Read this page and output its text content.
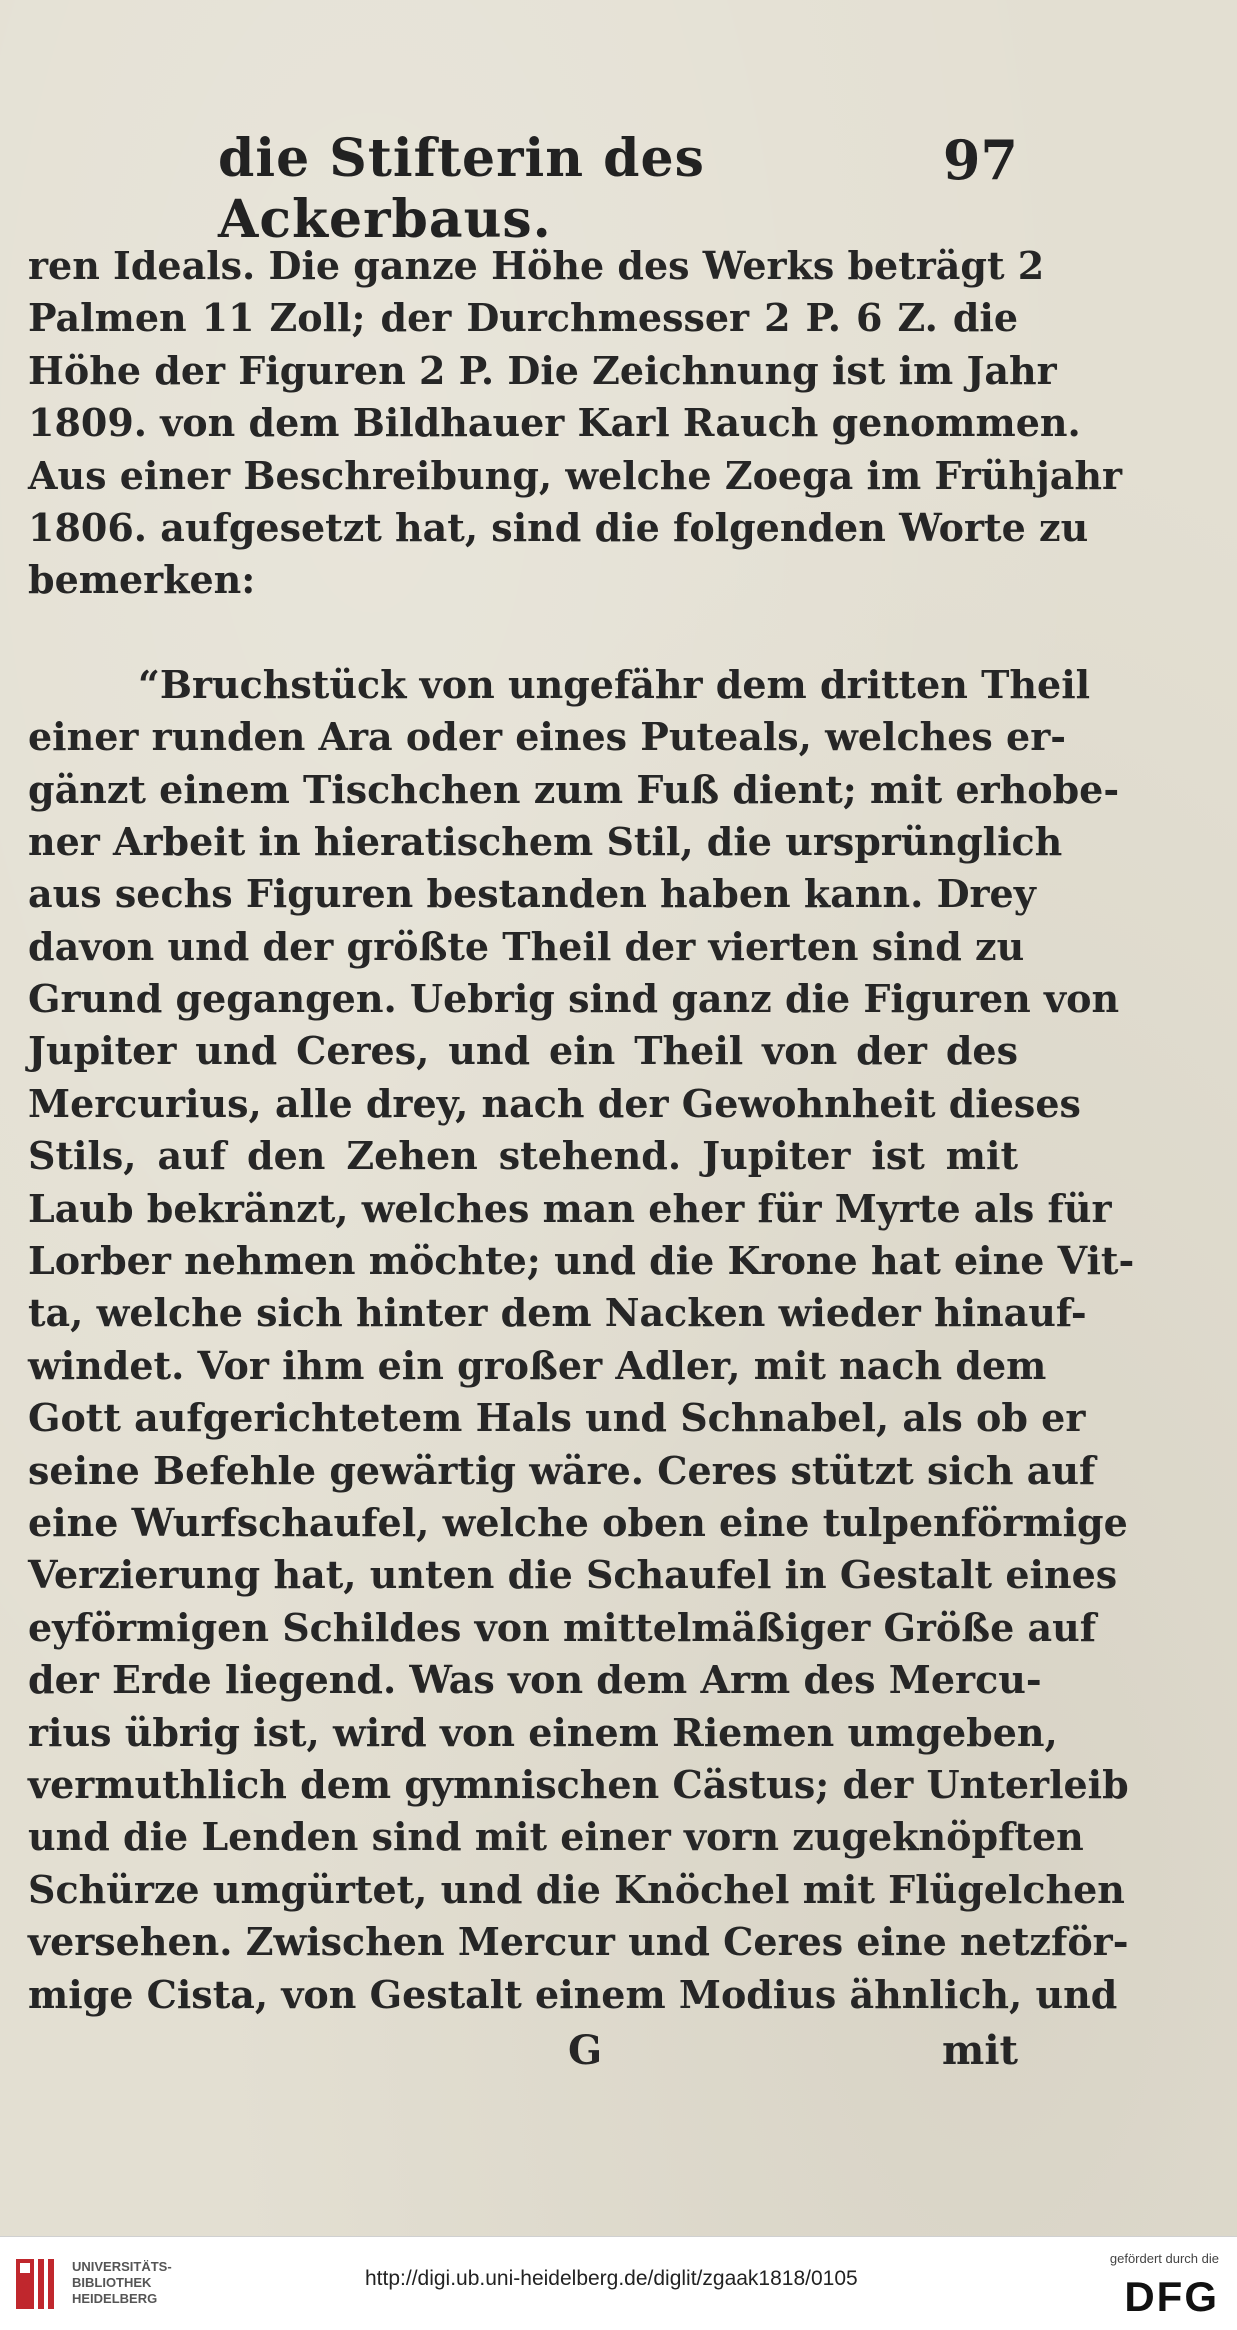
die Stifterin des Ackerbaus.
97
ren Ideals. Die ganze Höhe des Werks beträgt 2
Palmen 11 Zoll; der Durchmesser 2 P. 6 Z. die
Höhe der Figuren 2 P. Die Zeichnung ist im Jahr
1809. von dem Bildhauer Karl Rauch genommen.
Aus einer Beschreibung, welche Zoega im Frühjahr
1806. aufgesetzt hat, sind die folgenden Worte zu
bemerken:
“Bruchstück von ungefähr dem dritten Theil
einer runden Ara oder eines Puteals, welches er-
gänzt einem Tischchen zum Fuß dient; mit erhobe-
ner Arbeit in hieratischem Stil, die ursprünglich
aus sechs Figuren bestanden haben kann. Drey
davon und der größte Theil der vierten sind zu
Grund gegangen. Uebrig sind ganz die Figuren von
Jupiter und Ceres, und ein Theil von der des
Mercurius, alle drey, nach der Gewohnheit dieses
Stils, auf den Zehen stehend. Jupiter ist mit
Laub bekränzt, welches man eher für Myrte als für
Lorber nehmen möchte; und die Krone hat eine Vit-
ta, welche sich hinter dem Nacken wieder hinauf-
windet. Vor ihm ein großer Adler, mit nach dem
Gott aufgerichtetem Hals und Schnabel, als ob er
seine Befehle gewärtig wäre. Ceres stützt sich auf
eine Wurfschaufel, welche oben eine tulpenförmige
Verzierung hat, unten die Schaufel in Gestalt eines
eyförmigen Schildes von mittelmäßiger Größe auf
der Erde liegend. Was von dem Arm des Mercu-
rius übrig ist, wird von einem Riemen umgeben,
vermuthlich dem gymnischen Cästus; der Unterleib
und die Lenden sind mit einer vorn zugeknöpften
Schürze umgürtet, und die Knöchel mit Flügelchen
versehen. Zwischen Mercur und Ceres eine netzför-
mige Cista, von Gestalt einem Modius ähnlich, und
G	mit
UNIVERSITÄTS-
BIBLIOTHEK
HEIDELBERG
http://digi.ub.uni-heidelberg.de/diglit/zgaak1818/0105
gefördert durch die
DFG
